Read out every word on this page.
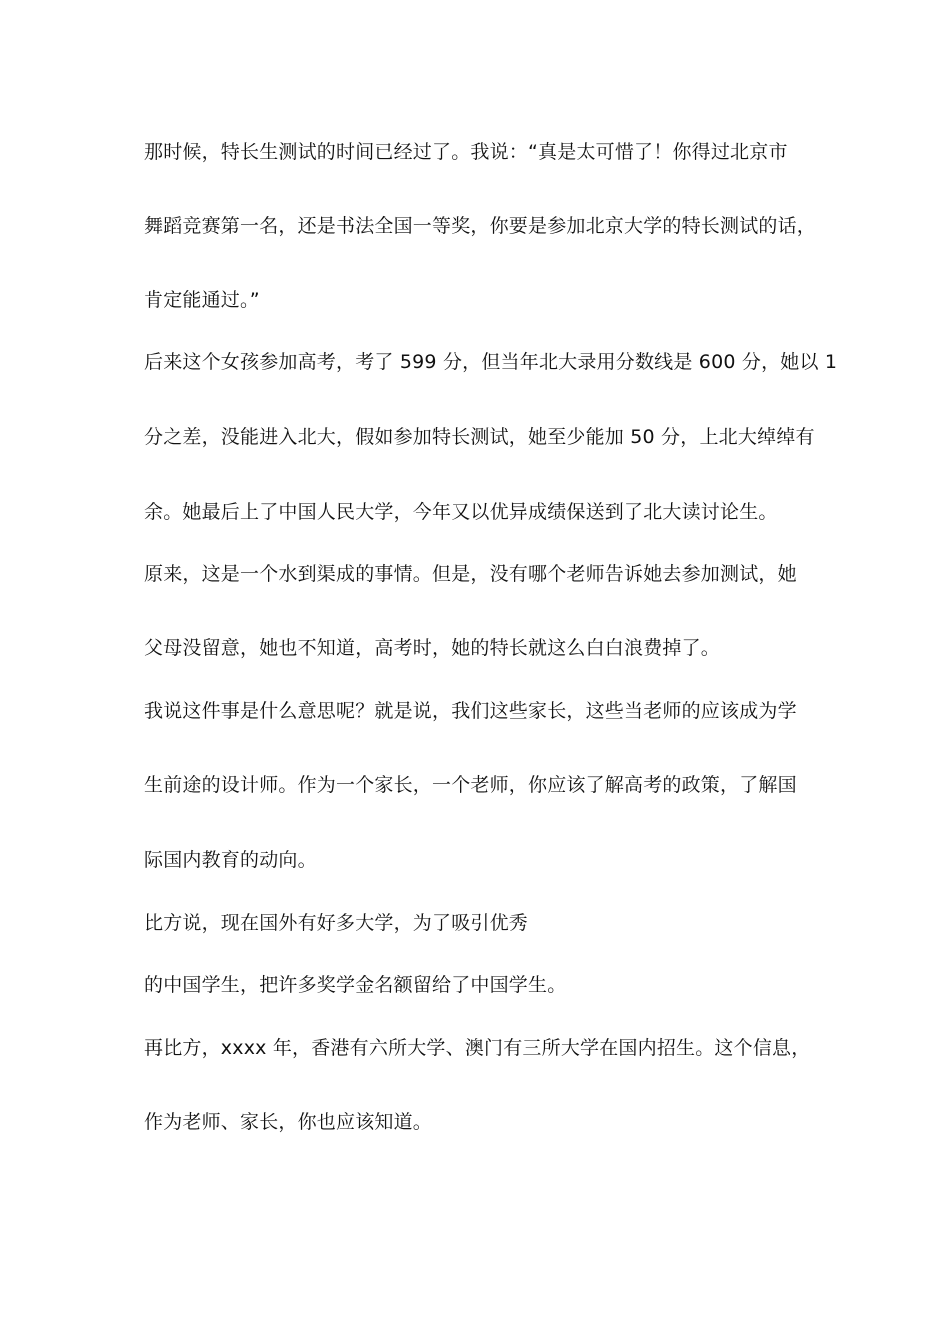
那时候，特长生测试的时间已经过了。我说：“真是太可惜了！你得过北京市
舞蹈竞赛第一名，还是书法全国一等奖，你要是参加北京大学的特长测试的话，
肯定能通过。”
后来这个女孩参加高考，考了 599 分，但当年北大录用分数线是 600 分，她以 1
分之差，没能进入北大，假如参加特长测试，她至少能加 50 分，上北大绰绰有
余。她最后上了中国人民大学，今年又以优异成绩保送到了北大读讨论生。
原来，这是一个水到渠成的事情。但是，没有哪个老师告诉她去参加测试，她
父母没留意，她也不知道，高考时，她的特长就这么白白浪费掉了。
我说这件事是什么意思呢？就是说，我们这些家长，这些当老师的应该成为学
生前途的设计师。作为一个家长，一个老师，你应该了解高考的政策，了解国
际国内教育的动向。
比方说，现在国外有好多大学，为了吸引优秀
的中国学生，把许多奖学金名额留给了中国学生。
再比方，xxxx 年，香港有六所大学、澳门有三所大学在国内招生。这个信息，
作为老师、家长，你也应该知道。
